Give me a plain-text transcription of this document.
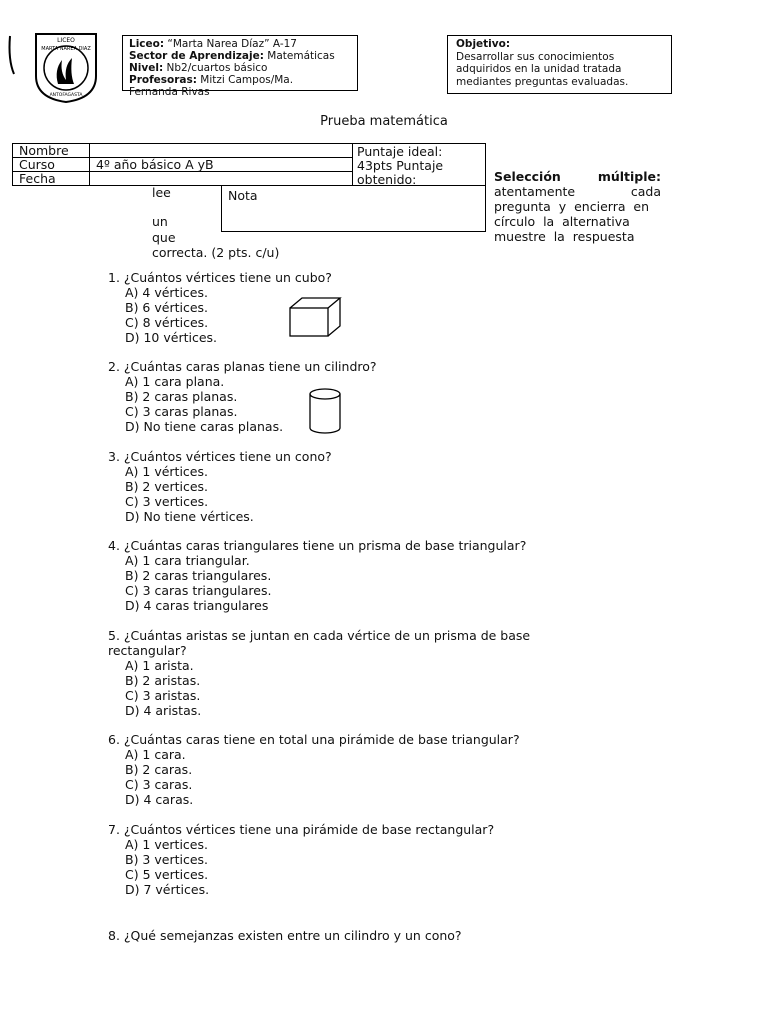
LICEO
MARTA NAREA DIAZ
ANTOFAGASTA
Liceo: “Marta Narea Díaz” A-17
Sector de Aprendizaje: Matemáticas
Nivel: Nb2/cuartos básico
Profesoras: Mitzi Campos/Ma.
Fernanda Rivas
Objetivo:
Desarrollar sus conocimientos
adquiridos en la unidad tratada
mediantes preguntas evaluadas.
Prueba matemática
Nombre	
Curso	4º año básico A yB
Fecha	
Puntaje ideal:
43pts Puntaje
obtenido:
Nota
lee
un
que
correcta. (2 pts. c/u)
Selección	múltiple:
atentamente	cada
pregunta  y  encierra  en
círculo  la  alternativa
muestre  la  respuesta
1. ¿Cuántos vértices tiene un cubo?
A) 4 vértices.
B) 6 vértices.
C) 8 vértices.
D) 10 vértices.
2. ¿Cuántas caras planas tiene un cilindro?
A) 1 cara plana.
B) 2 caras planas.
C) 3 caras planas.
D) No tiene caras planas.
3. ¿Cuántos vértices tiene un cono?
A) 1 vértices.
B) 2 vertices.
C) 3 vertices.
D) No tiene vértices.
4. ¿Cuántas caras triangulares tiene un prisma de base triangular?
A) 1 cara triangular.
B) 2 caras triangulares.
C) 3 caras triangulares.
D) 4 caras triangulares
5. ¿Cuántas aristas se juntan en cada vértice de un prisma de base
rectangular?
A) 1 arista.
B) 2 aristas.
C) 3 aristas.
D) 4 aristas.
6. ¿Cuántas caras tiene en total una pirámide de base triangular?
A) 1 cara.
B) 2 caras.
C) 3 caras.
D) 4 caras.
7. ¿Cuántos vértices tiene una pirámide de base rectangular?
A) 1 vertices.
B) 3 vertices.
C) 5 vertices.
D) 7 vértices.
8. ¿Qué semejanzas existen entre un cilindro y un cono?
